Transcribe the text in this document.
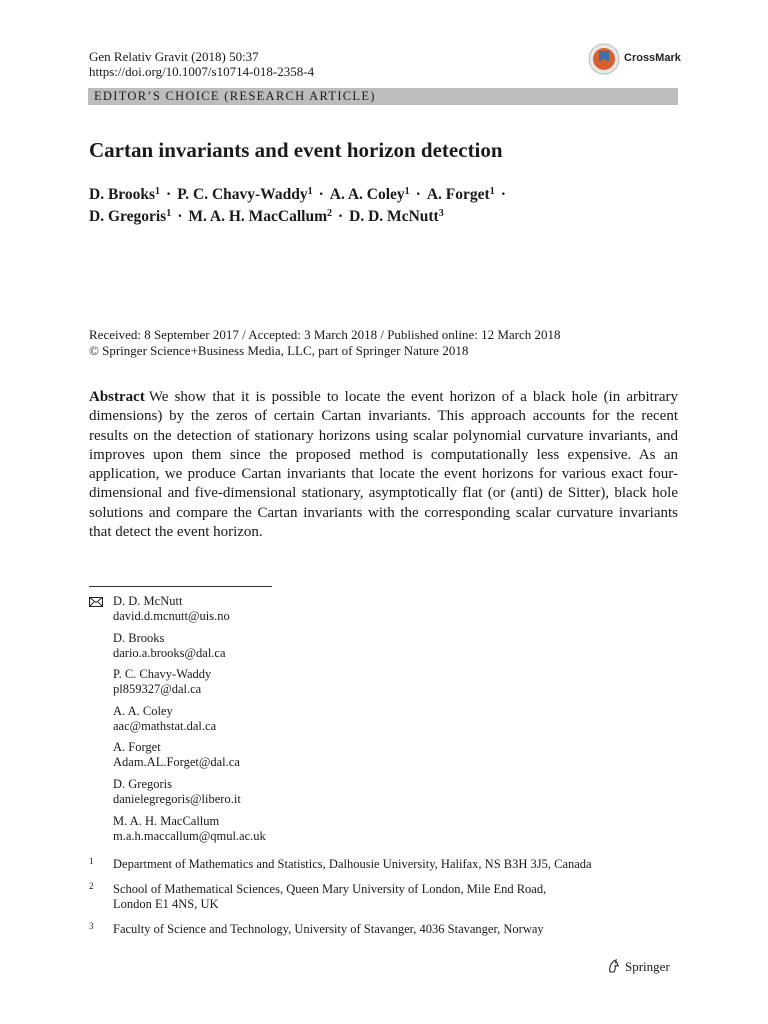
Gen Relativ Gravit (2018) 50:37
https://doi.org/10.1007/s10714-018-2358-4
CrossMark
EDITOR’S CHOICE (RESEARCH ARTICLE)
Cartan invariants and event horizon detection
D. Brooks$^1$ · P. C. Chavy-Waddy$^1$ · A. A. Coley$^1$ · A. Forget$^1$ ·
D. Gregoris$^1$ · M. A. H. MacCallum$^2$ · D. D. McNutt$^3$
Received: 8 September 2017 / Accepted: 3 March 2018 / Published online: 12 March 2018
© Springer Science+Business Media, LLC, part of Springer Nature 2018

Abstract We show that it is possible to locate the event horizon of a black hole (in arbitrary dimensions) by the zeros of certain Cartan invariants. This approach accounts for the recent results on the detection of stationary horizons using scalar polynomial curvature invariants, and improves upon them since the proposed method is computationally less expensive. As an application, we produce Cartan invariants that locate the event horizons for various exact four-dimensional and five-dimensional stationary, asymptotically flat (or (anti) de Sitter), black hole solutions and compare the Cartan invariants with the corresponding scalar curvature invariants that detect the event horizon.

D. D. McNutt
david.d.mcnutt@uis.no
D. Brooks
dario.a.brooks@dal.ca
P. C. Chavy-Waddy
pl859327@dal.ca
A. A. Coley
aac@mathstat.dal.ca
A. Forget
Adam.AL.Forget@dal.ca
D. Gregoris
danielegregoris@libero.it
M. A. H. MacCallum
m.a.h.maccallum@qmul.ac.uk
1 Department of Mathematics and Statistics, Dalhousie University, Halifax, NS B3H 3J5, Canada
2 School of Mathematical Sciences, Queen Mary University of London, Mile End Road,
London E1 4NS, UK
3 Faculty of Science and Technology, University of Stavanger, 4036 Stavanger, Norway
Springer
